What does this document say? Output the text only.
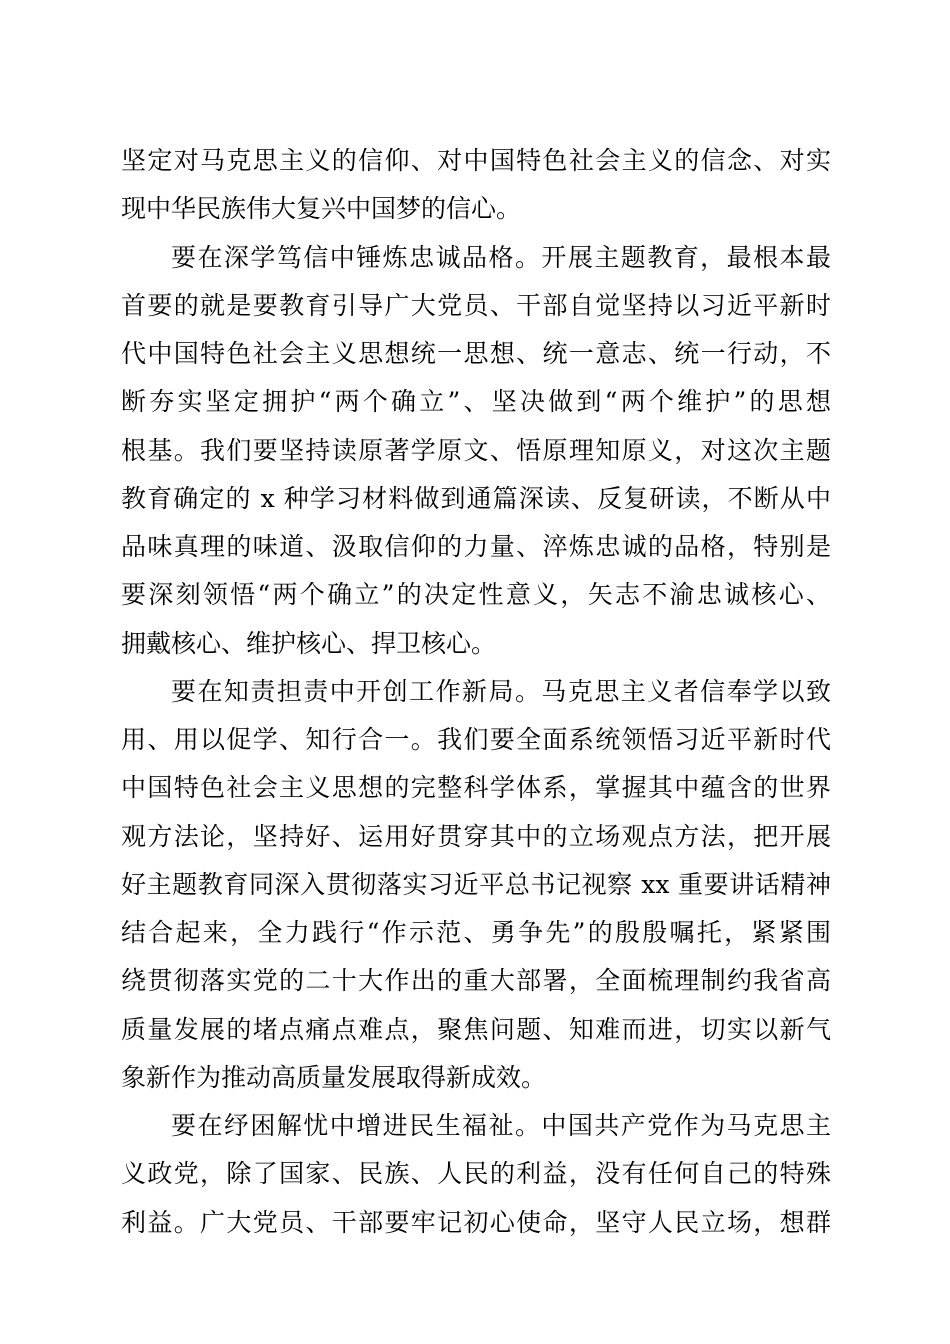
坚定对马克思主义的信仰、对中国特色社会主义的信念、对实
现中华民族伟大复兴中国梦的信心。
要在深学笃信中锤炼忠诚品格。开展主题教育，最根本最
首要的就是要教育引导广大党员、干部自觉坚持以习近平新时
代中国特色社会主义思想统一思想、统一意志、统一行动，不
断夯实坚定拥护“两个确立”、坚决做到“两个维护”的思想
根基。我们要坚持读原著学原文、悟原理知原义，对这次主题
教育确定的 x 种学习材料做到通篇深读、反复研读，不断从中
品味真理的味道、汲取信仰的力量、淬炼忠诚的品格，特别是
要深刻领悟“两个确立”的决定性意义，矢志不渝忠诚核心、
拥戴核心、维护核心、捍卫核心。
要在知责担责中开创工作新局。马克思主义者信奉学以致
用、用以促学、知行合一。我们要全面系统领悟习近平新时代
中国特色社会主义思想的完整科学体系，掌握其中蕴含的世界
观方法论，坚持好、运用好贯穿其中的立场观点方法，把开展
好主题教育同深入贯彻落实习近平总书记视察 xx 重要讲话精神
结合起来，全力践行“作示范、勇争先”的殷殷嘱托，紧紧围
绕贯彻落实党的二十大作出的重大部署，全面梳理制约我省高
质量发展的堵点痛点难点，聚焦问题、知难而进，切实以新气
象新作为推动高质量发展取得新成效。
要在纾困解忧中增进民生福祉。中国共产党作为马克思主
义政党，除了国家、民族、人民的利益，没有任何自己的特殊
利益。广大党员、干部要牢记初心使命，坚守人民立场，想群
